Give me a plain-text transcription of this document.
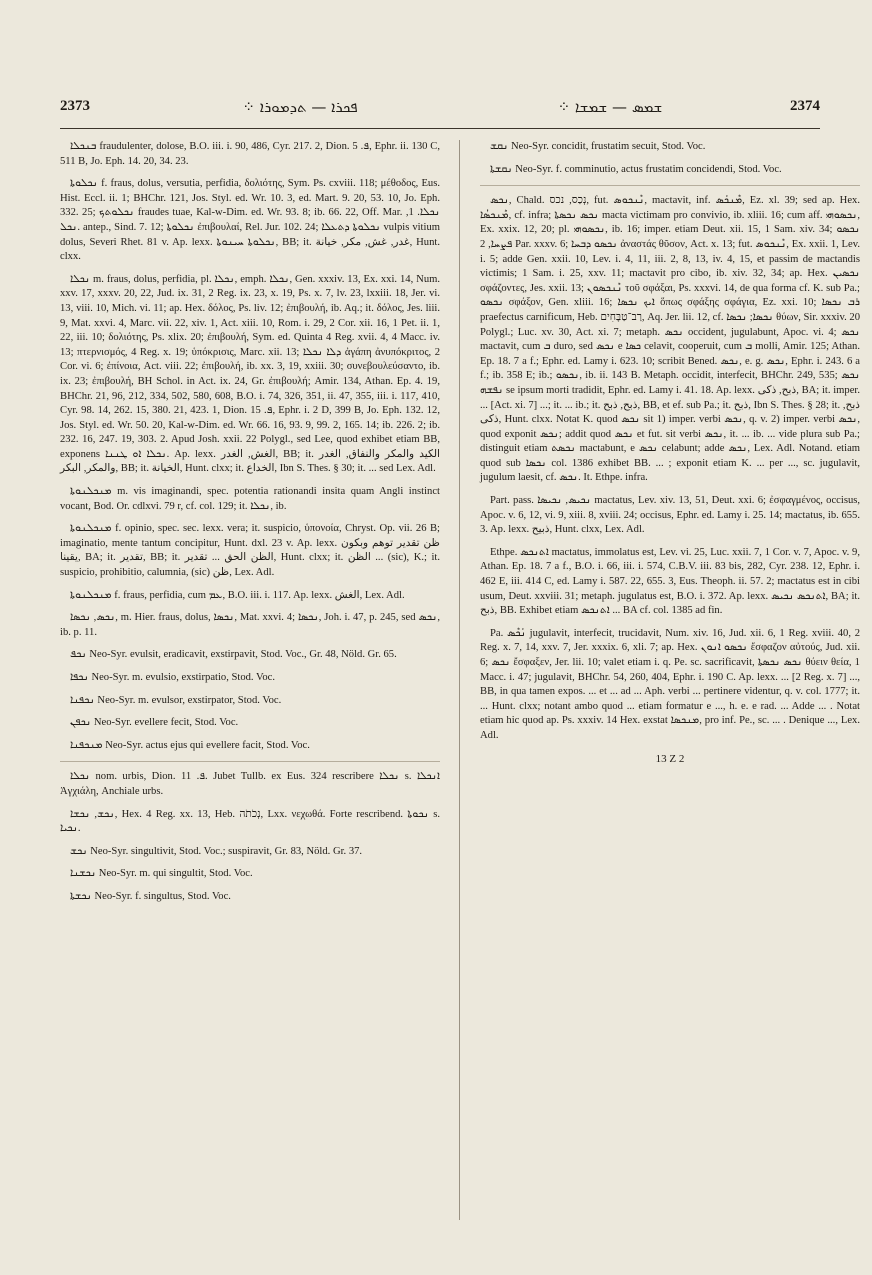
2373	⁘ ܦܟܪܐ — ܬܕܡܘܪܐ	⁘ ܫܡܣ — ܫܡܫܐ	2374

ܒܢܟܠܐ fraudulenter, dolose, B.O. iii. i. 90, 486, Cyr. 217. 2, Dion. ܦ. 5, Ephr. ii. 130 C, 511 B, Jo. Eph. 14. 20, 34. 23.

ܢܟܠܘܬܐ f. fraus, dolus, versutia, perfidia, δολιότης, Sym. Ps. cxviii. 118; μέθοδος, Eus. Hist. Eccl. ii. 1; BHChr. 121, Jos. Styl. ed. Wr. 10. 3, ed. Mart. 9. 20, 53. 10, Jo. Eph. 332. 25; ܢܟܠܘܬܟ fraudes tuae, Kal-w-Dim. ed. Wr. 93. 8; ib. 66. 22, Off. Mar. ܢܟܠܐ. 1, ܢܟܠ. antep., Sind. 7. 12; ܢܟܠܘܬܐ ἐπιβουλαί, Rel. Jur. 102. 24; ܢܟܠܘܬܐ ܕܬܥܠܐ vulpis vitium dolus, Severi Rhet. 81 v. Ap. lexx. ܢܟܠܘܬܐ ܚܝܢܘܬܐ, BB; it. غدر, غش, مكر, خيانة, Hunt. clxx.

ܢܟܠܐ m. fraus, dolus, perfidia, pl. ܢܟܠܐ, emph. ܢܟܠܐ, Gen. xxxiv. 13, Ex. xxi. 14, Num. xxv. 17, xxxv. 20, 22, Jud. ix. 31, 2 Reg. ix. 23, x. 19, Ps. x. 7, lv. 23, lxxiii. 18, Jer. vi. 13, viii. 10, Mich. vi. 11; ap. Hex. δόλος, Ps. liv. 12; ἐπιβουλή, ib. Aq.; it. δόλος, Jes. liii. 9, Mat. xxvi. 4, Marc. vii. 22, xiv. 1, Act. xiii. 10, Rom. i. 29, 2 Cor. xii. 16, 1 Pet. ii. 1, 22, iii. 10; δολιότης, Ps. xlix. 20; ἐπιβουλή, Sym. ed. Quinta 4 Reg. xvii. 4, 4 Macc. iv. 13; πτερνισμός, 4 Reg. x. 19; ὑπόκρισις, Marc. xii. 13; ܕܠܐ ܢܟܠܐ ἀγάπη ἀνυπόκριτος, 2 Cor. vi. 6; ἐπίνοια, Act. viii. 22; ἐπιβουλή, ib. xx. 3, 19, xxiii. 30; συνεβουλεύσαντο, ib. ix. 23; ἐπιβουλή, BH Schol. in Act. ix. 24, Gr. ἐπιβουλή; Amir. 134, Athan. Ep. 4. 19, BHChr. 21, 96, 212, 334, 502, 580, 608, B.O. i. 74, 326, 351, ii. 47, 355, iii. i. 117, 410, Cyr. 98. 14, 262. 15, 380. 21, 423. 1, Dion. ܦ. 15, Ephr. i. 2 D, 399 B, Jo. Eph. 132. 12, Jos. Styl. ed. Wr. 50. 20, Kal-w-Dim. ed. Wr. 66. 16, 93. 9, 99. 2, 165. 14; ib. 226. 2; ib. 232. 16, 247. 19, 303. 2. Apud Josh. xxii. 22 Polygl., sed Lee, quod exhibet etiam BB, exponens ܢܟܠܐ ܐܘ ܛܢܢܐ. Ap. lexx. الغش, الغدر, BB; it. الكيد والمكر والنفاق, الغدر والمكر, البكر, BB; it. الخيانة, Hunt. clxx; it. الخداع, Ibn S. Thes. § 30; it. ... sed Lex. Adl.

ܡܢܟܠܢܘܬܐ m. vis imaginandi, spec. potentia rationandi insita quam Angli instinct vocant, Bod. Or. cdlxvi. 79 r, cf. col. 129; it. ܢܟܠܐ, ib.

ܡܢܟܠܢܘܬܐ f. opinio, spec. sec. lexx. vera; it. suspicio, ὑπονοία, Chryst. Op. vii. 26 B; imaginatio, mente tantum concipitur, Hunt. dxl. 23 v. Ap. lexx. ظن تقدير توهم وبكون يقينا, BA; it. تقدير, BB; it. الظن الحق ... تقدير, Hunt. clxx; it. الظن ... (sic), K.; it. suspicio, prohibitio, calumnia, (sic) ظن, Lex. Adl.

ܡܢܟܠܢܘܬܐ f. fraus, perfidia, cum ܥܡ, B.O. iii. i. 117. Ap. lexx. الغش, Lex. Adl.

ܢܟܣ, ܢܟܣܐ, m. Hier. fraus, dolus, ܢܟܣܐ, Mat. xxvi. 4; ܢܟܣܐ, Joh. i. 47, p. 245, sed ܢܟܣ, ib. p. 11.

ܢܟܦ Neo-Syr. evulsit, eradicavit, exstirpavit, Stod. Voc., Gr. 48, Nöld. Gr. 65.

ܢܟܦܐ Neo-Syr. m. evulsio, exstirpatio, Stod. Voc.

ܢܟܦܢܐ Neo-Syr. m. evulsor, exstirpator, Stod. Voc.

ܢܟܦܢ Neo-Syr. evellere fecit, Stod. Voc.

ܡܢܟܦܢܐ Neo-Syr. actus ejus qui evellere facit, Stod. Voc.

ܢܟܠܐ nom. urbis, Dion. ܦ. 11. Jubet Tullb. ex Eus. 324 rescribere ܢܟܠܐ s. ܐܢܟܠܐ Ἀγχιάλη, Anchiale urbs.

ܢܟܫ, ܢܟܫܐ, Hex. 4 Reg. xx. 13, Heb. נְכֹתֹה, Lxx. νεχωθά. Forte rescribend. ܢܟܘܬܐ s. ܢܟܝܐ.

ܢܟܫ Neo-Syr. singultivit, Stod. Voc.; suspiravit, Gr. 83, Nöld. Gr. 37.

ܢܟܫܢܐ Neo-Syr. m. qui singultit, Stod. Voc.

ܢܟܫܬܐ Neo-Syr. f. singultus, Stod. Voc.

ܢܩܫ Neo-Syr. concidit, frustatim secuit, Stod. Voc.

ܢܩܫܬܐ Neo-Syr. f. comminutio, actus frustatim concidendi, Stod. Voc.

ܢܟܣ, Chald. נְכַס, נכס, fut. ܢܶܢܟܘܣ, mactavit, inf. ܡܶܢܟܰܣ, Ez. xl. 39; sed ap. Hex. ܡܶܢܟܣܳܐ, cf. infra; ܢܟܣ ܢܟܣܬܐ macta victimam pro convivio, ib. xliii. 16; cum aff. ܢܟܣܘܗܝ, Ex. xxix. 12, 20; pl. ܢܟܣܘܗܝ, ib. 16; imper. etiam Deut. xii. 15, 1 Sam. xiv. 34; ܢܟܣܘ ܦܨܚܐ, 2 Par. xxxv. 6; ܢܟܣܘ ܕܒܚܐ ἀναστάς θῦσον, Act. x. 13; fut. ܢܶܢܟܘܣ, Ex. xxii. 1, Lev. i. 5; adde Gen. xxii. 10, Lev. i. 4, 11, iii. 2, 8, 13, iv. 4, 15, et passim de mactandis victimis; 1 Sam. i. 25, xxv. 11; mactavit pro cibo, ib. xiv. 32, 34; ap. Hex. ܢܟܣܝܢ σφάζοντες, Jes. xxii. 13; ܢܶܢܟܣܘܢ τοῦ σφάξαι, Ps. xxxvi. 14, de qua forma cf. K. sub Pa.; ܢܟܣܘ σφάξον, Gen. xliii. 16; ܐܝܟ ܢܟܣܐ ὅπως σφάξης σφάγια, Ez. xxi. 10; ܪܒ ܢܟܣܐ praefectus carnificum, Heb. רַב־טַבָּחִים, Aq. Jer. lii. 12, cf. ܢܟܣܐ; ܢܟܣܐ θύων, Sir. xxxiv. 20 Polygl.; Luc. xv. 30, Act. xi. 7; metaph. ܢܟܣ occident, jugulabunt, Apoc. vi. 4; ܢܟܣ mactavit, cum ܒ duro, sed ܢܟܣ e ܟܣܐ celavit, cooperuit, cum ܒ molli, Amir. 125; Athan. Ep. 18. 7 a f.; Ephr. ed. Lamy i. 623. 10; scribit Bened. ܢܟܣ, e. g. ܢܟܣ, Ephr. i. 243. 6 a f.; ib. 358 E; ib.; ܢܟܣܘ, ib. ii. 143 B. Metaph. occidit, interfecit, BHChr. 249, 535; ܢܟܣ ܢܦܫܗ se ipsum morti tradidit, Ephr. ed. Lamy i. 41. 18. Ap. lexx. ذبح, ذكى, BA; it. imper. ... [Act. xi. 7] ...; it. ... ib.; it. ذبح, ذبح, BB, et ef. sub Pa.; it. ذبح, Ibn S. Thes. § 28; it. ذبح, ذكى, Hunt. clxx. Notat K. quod ܢܟܣ sit 1) imper. verbi ܢܟܣ, q. v. 2) imper. verbi ܢܟܣ, quod exponit ܢܟܣ; addit quod ܢܟܣ et fut. sit verbi ܢܟܣ, it. ... ib. ... vide plura sub Pa.; distinguit etiam ܢܟܣܬ mactabunt, e ܢܟܣ celabunt; adde ܢܟܣ, Lex. Adl. Notand. etiam quod sub ܢܟܣܐ col. 1386 exhibet BB. ... ; exponit etiam K. ... per ..., sc. jugulavit, jugulum laesit, cf. ܢܟܣ. It. Ethpe. infra.

Part. pass. ܢܟܝܣ, ܢܟܝܣܐ mactatus, Lev. xiv. 13, 51, Deut. xxi. 6; ἐσφαγμένος, occisus, Apoc. v. 6, 12, vi. 9, xiii. 8, xviii. 24; occisus, Ephr. ed. Lamy i. 25. 14; mactatus, ib. 655. 3. Ap. lexx. ذبيح, Hunt. clxx, Lex. Adl.

Ethpe. ܐܬܢܟܣ mactatus, immolatus est, Lev. vi. 25, Luc. xxii. 7, 1 Cor. v. 7, Apoc. v. 9, Athan. Ep. 18. 7 a f., B.O. i. 66, iii. i. 574, C.B.V. iii. 83 bis, 282, Cyr. 238. 12, Ephr. i. 462 E, iii. 414 C, ed. Lamy i. 587. 22, 655. 3, Eus. Theoph. ii. 57. 2; mactatus est in cibi usum, Deut. xxviii. 31; metaph. jugulatus est, B.O. i. 372. Ap. lexx. ܐܬܢܟܣ ܢܟܝܣ, BA; it. ذبح, BB. Exhibet etiam ܐܬܢܟܣ ... BA cf. col. 1385 ad fin.

Pa. ܢܰܟܶܣ jugulavit, interfecit, trucidavit, Num. xiv. 16, Jud. xii. 6, 1 Reg. xviii. 40, 2 Reg. x. 7, 14, xxv. 7, Jer. xxxix. 6, xli. 7; ap. Hex. ܢܟܣܘ ܐܢܘܢ ἔσφαζον αὐτούς, Jud. xii. 6; ܢܟܣ ἔσφαξεν, Jer. lii. 10; valet etiam i. q. Pe. sc. sacrificavit, ܢܟܣ ܢܟܣܬܐ θύειν θεία, 1 Macc. i. 47; jugulavit, BHChr. 54, 260, 404, Ephr. i. 190 C. Ap. lexx. ... [2 Reg. x. 7] ..., BB, in qua tamen expos. ... et ... ad ... Aph. verbi ... pertinere videntur, q. v. col. 1777; it. ... Hunt. clxx; notant ambo quod ... etiam formatur e ..., h. e. e rad. ... Adde ... . Notat etiam hic quod ap. Ps. xxxiv. 14 Hex. exstat ܡܢܟܣܐ, pro inf. Pe., sc. ... . Denique ..., Lex. Adl.

13 Z 2
